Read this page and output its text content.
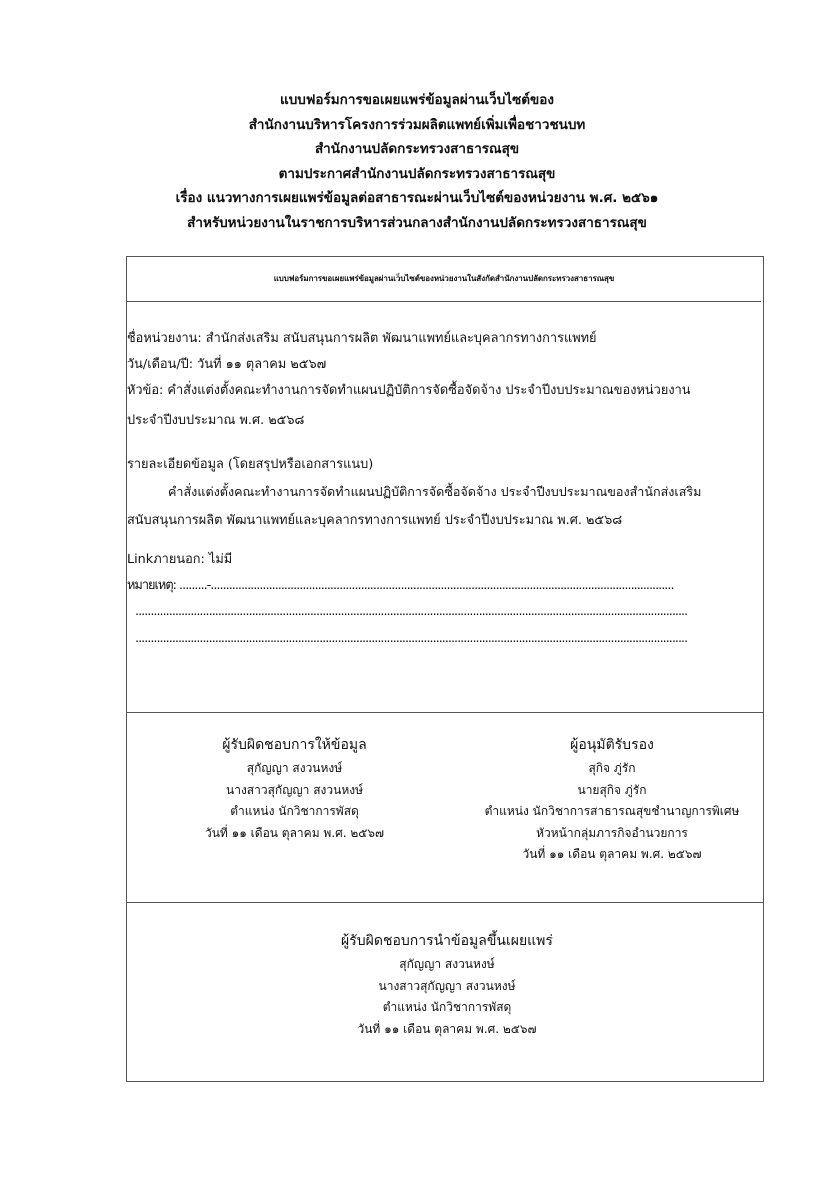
แบบฟอร์มการขอเผยแพร่ข้อมูลผ่านเว็บไซต์ของ
สำนักงานบริหารโครงการร่วมผลิตแพทย์เพิ่มเพื่อชาวชนบท
สำนักงานปลัดกระทรวงสาธารณสุข
ตามประกาศสำนักงานปลัดกระทรวงสาธารณสุข
เรื่อง แนวทางการเผยแพร่ข้อมูลต่อสาธารณะผ่านเว็บไซต์ของหน่วยงาน พ.ศ. ๒๕๖๑
สำหรับหน่วยงานในราชการบริหารส่วนกลางสำนักงานปลัดกระทรวงสาธารณสุข
แบบฟอร์มการขอเผยแพร่ข้อมูลผ่านเว็บไซต์ของหน่วยงานในสังกัดสำนักงานปลัดกระทรวงสาธารณสุข
ชื่อหน่วยงาน: สำนักส่งเสริม สนับสนุนการผลิต พัฒนาแพทย์และบุคลากรทางการแพทย์
วัน/เดือน/ปี: วันที่ ๑๑ ตุลาคม ๒๕๖๗
หัวข้อ: คำสั่งแต่งตั้งคณะทำงานการจัดทำแผนปฏิบัติการจัดซื้อจัดจ้าง ประจำปีงบประมาณของหน่วยงาน
ประจำปีงบประมาณ พ.ศ. ๒๕๖๘
รายละเอียดข้อมูล (โดยสรุปหรือเอกสารแนบ)
คำสั่งแต่งตั้งคณะทำงานการจัดทำแผนปฏิบัติการจัดซื้อจัดจ้าง ประจำปีงบประมาณของสำนักส่งเสริม
สนับสนุนการผลิต พัฒนาแพทย์และบุคลากรทางการแพทย์ ประจำปีงบประมาณ พ.ศ. ๒๕๖๘
Linkภายนอก: ไม่มี
หมายเหตุ: .........-.......................................................................................................................................................
....................................................................................................................................................................................
....................................................................................................................................................................................
ผู้รับผิดชอบการให้ข้อมูล
สุกัญญา สงวนหงษ์
นางสาวสุกัญญา สงวนหงษ์
ตำแหน่ง นักวิชาการพัสดุ
วันที่ ๑๑ เดือน ตุลาคม พ.ศ. ๒๕๖๗
ผู้อนุมัติรับรอง
สุกิจ ภู่รัก
นายสุกิจ ภู่รัก
ตำแหน่ง นักวิชาการสาธารณสุขชำนาญการพิเศษ
หัวหน้ากลุ่มภารกิจอำนวยการ
วันที่ ๑๑ เดือน ตุลาคม พ.ศ. ๒๕๖๗
ผู้รับผิดชอบการนำข้อมูลขึ้นเผยแพร่
สุกัญญา สงวนหงษ์
นางสาวสุกัญญา สงวนหงษ์
ตำแหน่ง นักวิชาการพัสดุ
วันที่ ๑๑ เดือน ตุลาคม พ.ศ. ๒๕๖๗
